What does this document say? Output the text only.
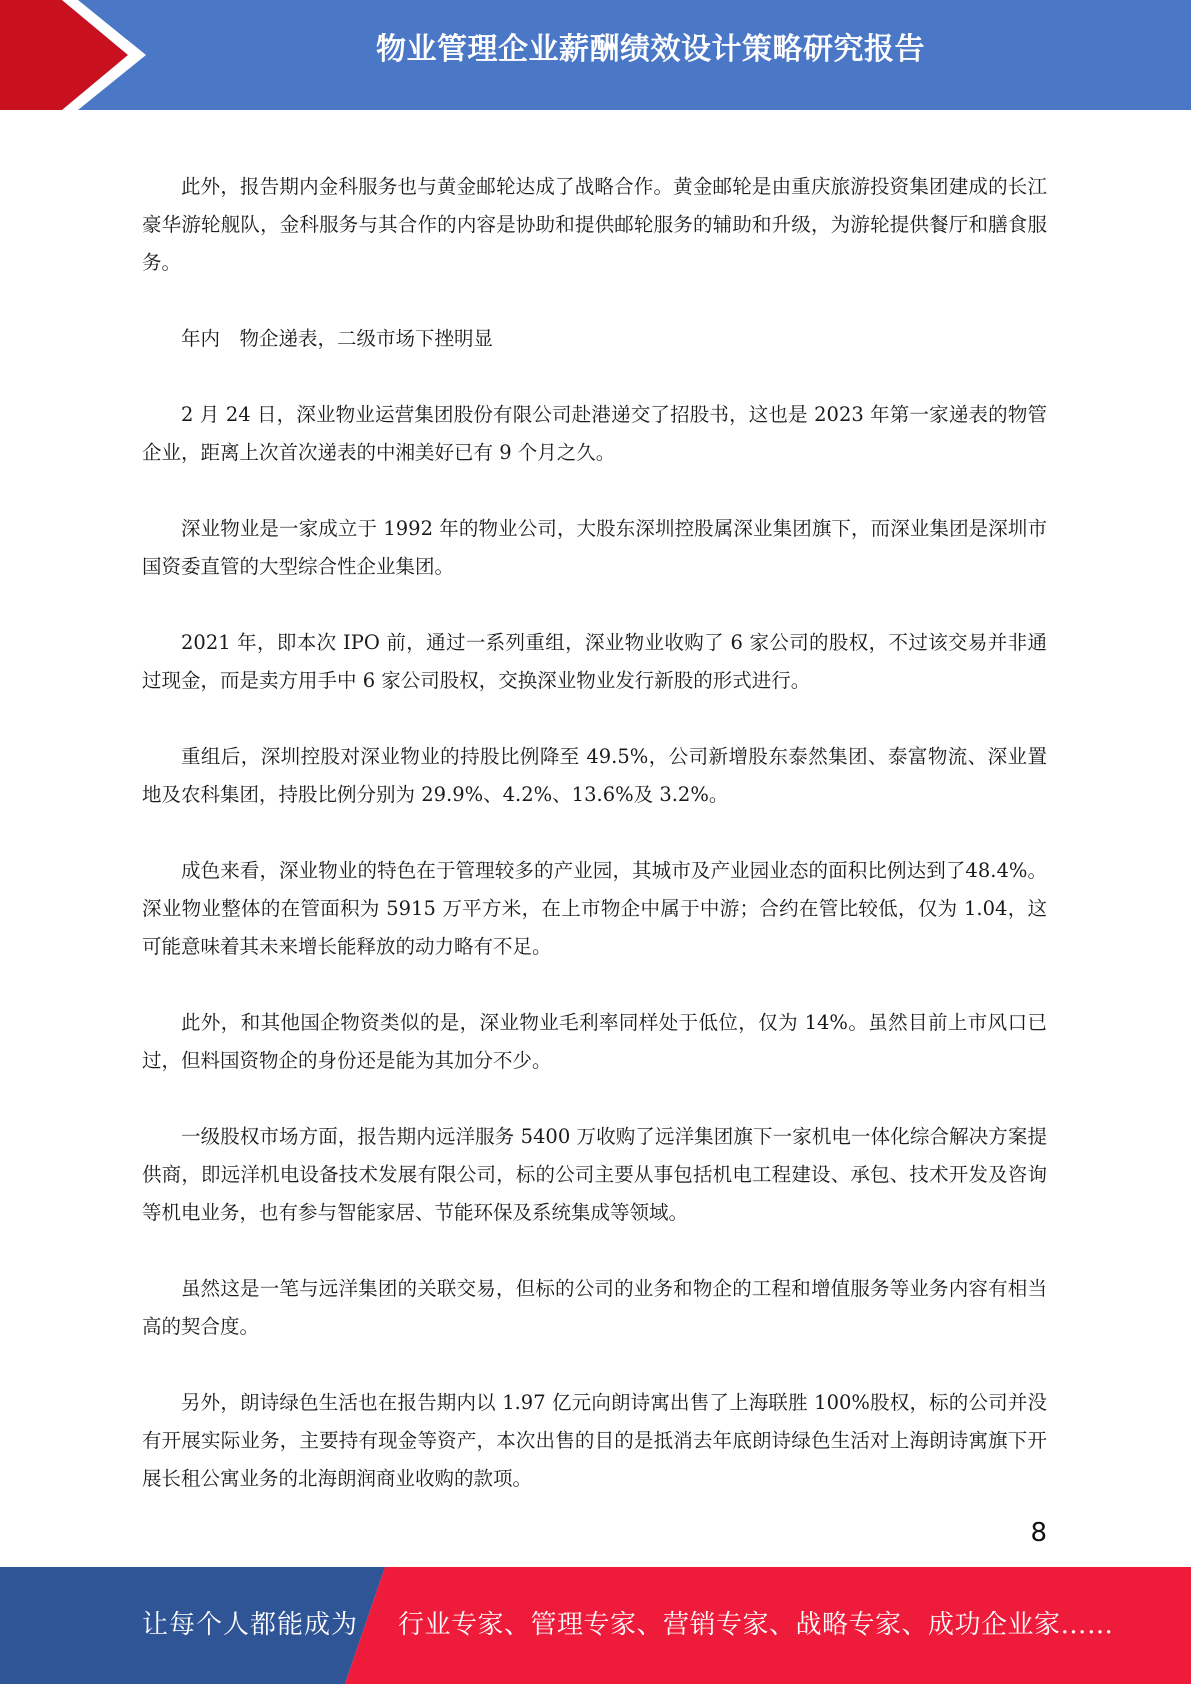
物业管理企业薪酬绩效设计策略研究报告

此外，报告期内金科服务也与黄金邮轮达成了战略合作。黄金邮轮是由重庆旅游投资集团建成的长江豪华游轮舰队，金科服务与其合作的内容是协助和提供邮轮服务的辅助和升级，为游轮提供餐厅和膳食服务。

年内　物企递表，二级市场下挫明显

2 月 24 日，深业物业运营集团股份有限公司赴港递交了招股书，这也是 2023 年第一家递表的物管企业，距离上次首次递表的中湘美好已有 9 个月之久。

深业物业是一家成立于 1992 年的物业公司，大股东深圳控股属深业集团旗下，而深业集团是深圳市国资委直管的大型综合性企业集团。

2021 年，即本次 IPO 前，通过一系列重组，深业物业收购了 6 家公司的股权，不过该交易并非通过现金，而是卖方用手中 6 家公司股权，交换深业物业发行新股的形式进行。

重组后，深圳控股对深业物业的持股比例降至 49.5%，公司新增股东泰然集团、泰富物流、深业置地及农科集团，持股比例分别为 29.9%、4.2%、13.6%及 3.2%。

成色来看，深业物业的特色在于管理较多的产业园，其城市及产业园业态的面积比例达到了48.4%。深业物业整体的在管面积为 5915 万平方米，在上市物企中属于中游；合约在管比较低，仅为 1.04，这可能意味着其未来增长能释放的动力略有不足。

此外，和其他国企物资类似的是，深业物业毛利率同样处于低位，仅为 14%。虽然目前上市风口已过，但料国资物企的身份还是能为其加分不少。

一级股权市场方面，报告期内远洋服务 5400 万收购了远洋集团旗下一家机电一体化综合解决方案提供商，即远洋机电设备技术发展有限公司，标的公司主要从事包括机电工程建设、承包、技术开发及咨询等机电业务，也有参与智能家居、节能环保及系统集成等领域。

虽然这是一笔与远洋集团的关联交易，但标的公司的业务和物企的工程和增值服务等业务内容有相当高的契合度。

另外，朗诗绿色生活也在报告期内以 1.97 亿元向朗诗寓出售了上海联胜 100%股权，标的公司并没有开展实际业务，主要持有现金等资产，本次出售的目的是抵消去年底朗诗绿色生活对上海朗诗寓旗下开展长租公寓业务的北海朗润商业收购的款项。

8
让每个人都能成为 行业专家、管理专家、营销专家、战略专家、成功企业家……
